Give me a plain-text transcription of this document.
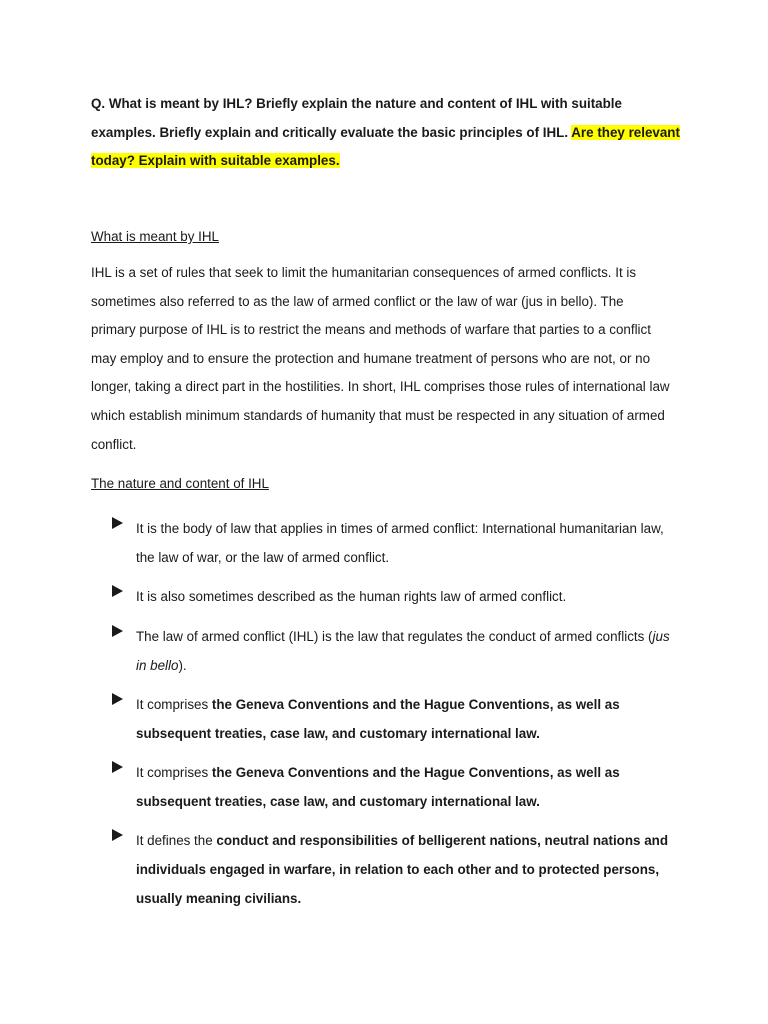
Q. What is meant by IHL? Briefly explain the nature and content of IHL with suitable examples. Briefly explain and critically evaluate the basic principles of IHL. Are they relevant today? Explain with suitable examples.
What is meant by IHL
IHL is a set of rules that seek to limit the humanitarian consequences of armed conflicts. It is sometimes also referred to as the law of armed conflict or the law of war (jus in bello). The primary purpose of IHL is to restrict the means and methods of warfare that parties to a conflict may employ and to ensure the protection and humane treatment of persons who are not, or no longer, taking a direct part in the hostilities. In short, IHL comprises those rules of international law which establish minimum standards of humanity that must be respected in any situation of armed conflict.
The nature and content of IHL
It is the body of law that applies in times of armed conflict: International humanitarian law, the law of war, or the law of armed conflict.
It is also sometimes described as the human rights law of armed conflict.
The law of armed conflict (IHL) is the law that regulates the conduct of armed conflicts (jus in bello).
It comprises the Geneva Conventions and the Hague Conventions, as well as subsequent treaties, case law, and customary international law.
It comprises the Geneva Conventions and the Hague Conventions, as well as subsequent treaties, case law, and customary international law.
It defines the conduct and responsibilities of belligerent nations, neutral nations and individuals engaged in warfare, in relation to each other and to protected persons, usually meaning civilians.
